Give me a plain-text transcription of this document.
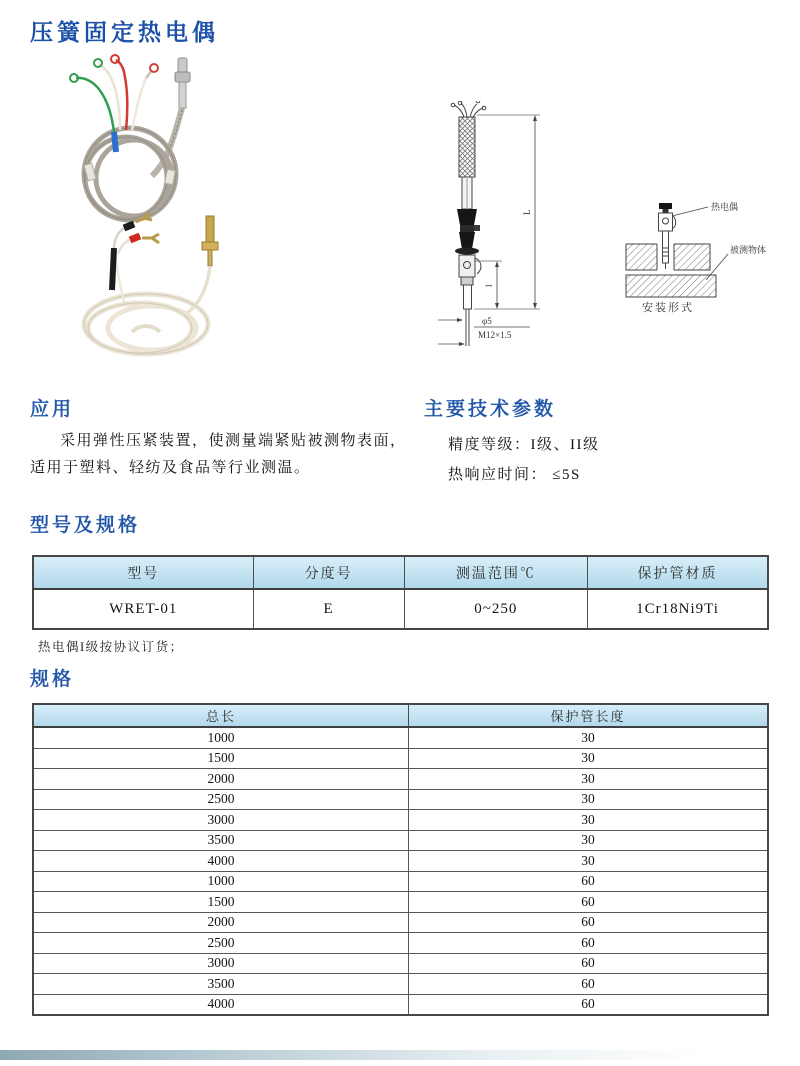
压簧固定热电偶
L
l
φ5
M12×1.5
热电偶
被测物体
安装形式
应用
采用弹性压紧装置，使测量端紧贴被测物表面，适用于塑料、轻纺及食品等行业测温。
主要技术参数
精度等级：I级、II级
热响应时间： ≤5S
型号及规格
型号	分度号	测温范围℃	保护管材质
WRET-01	E	0~250	1Cr18Ni9Ti
热电偶I级按协议订货；
规格
总长	保护管长度
1000	30
1500	30
2000	30
2500	30
3000	30
3500	30
4000	30
1000	60
1500	60
2000	60
2500	60
3000	60
3500	60
4000	60
